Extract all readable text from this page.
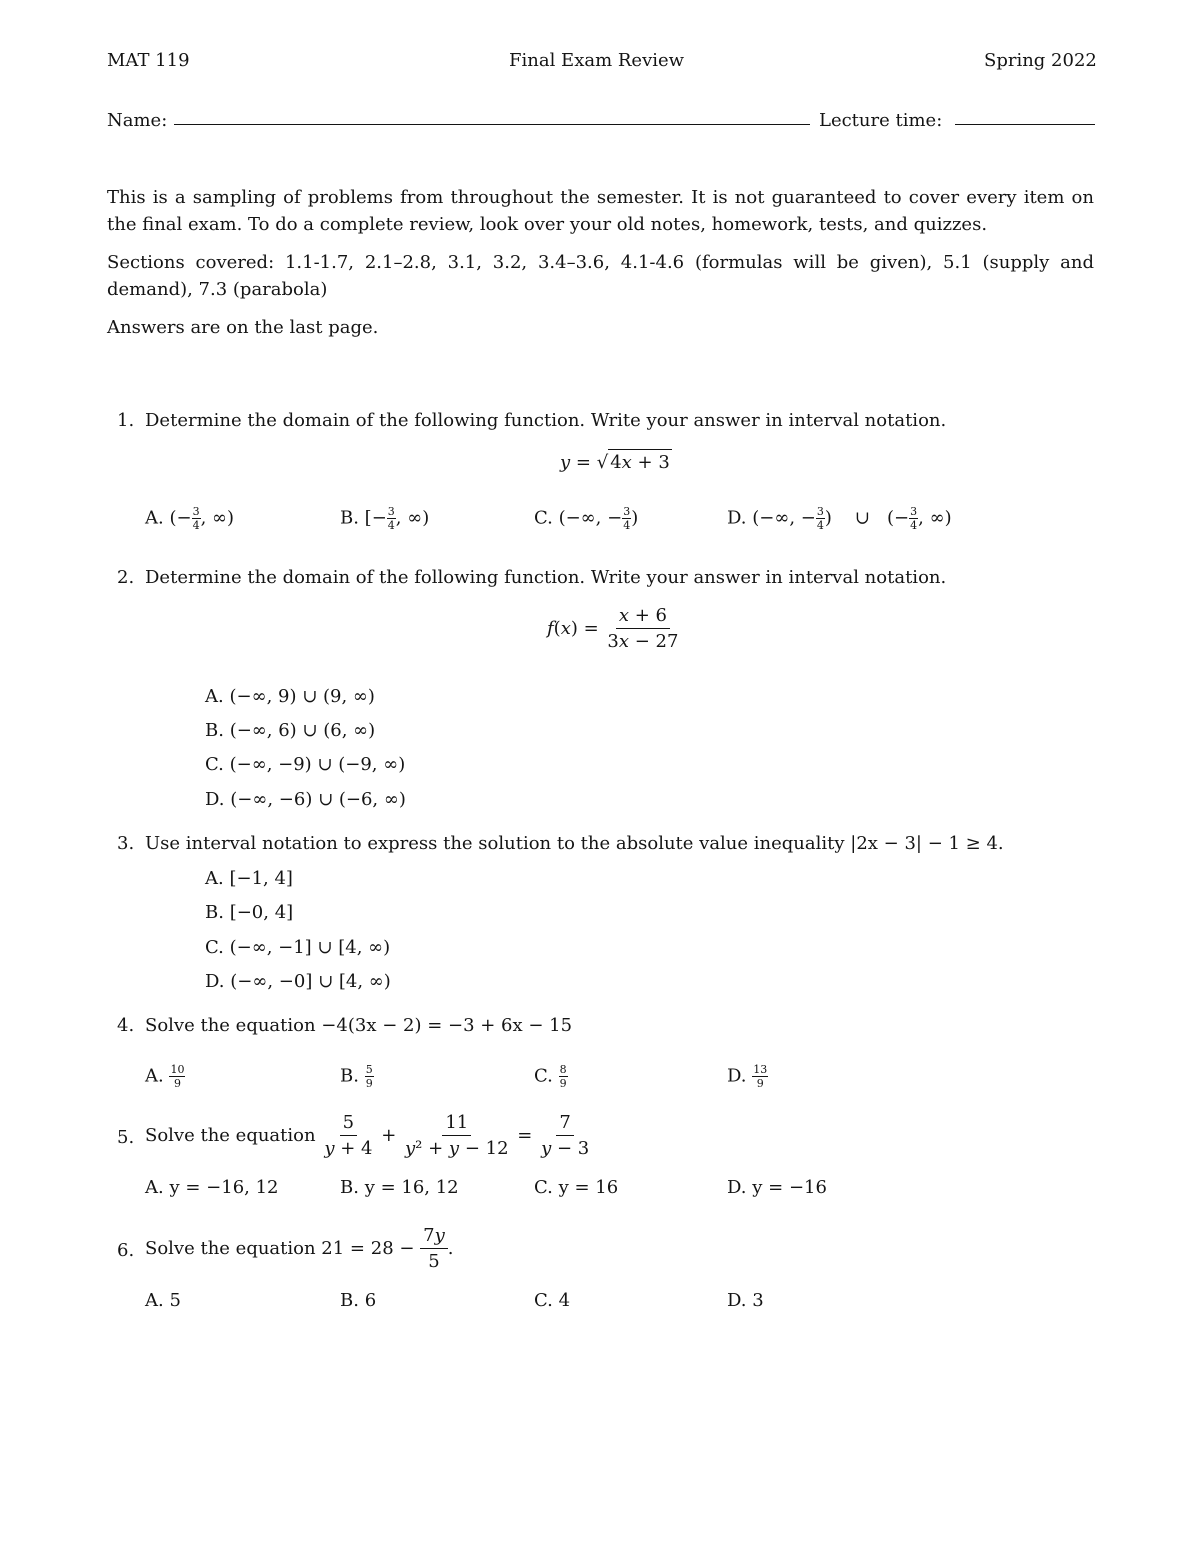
MAT 119	Final Exam Review	Spring 2022
Name:	Lecture time:
This is a sampling of problems from throughout the semester. It is not guaranteed to cover every item on the final exam. To do a complete review, look over your old notes, homework, tests, and quizzes.
Sections covered: 1.1-1.7, 2.1–2.8, 3.1, 3.2, 3.4–3.6, 4.1-4.6 (formulas will be given), 5.1 (supply and demand), 7.3 (parabola)
Answers are on the last page.
1. Determine the domain of the following function. Write your answer in interval notation.
y = √ 4x + 3
A. (− $\frac{3}{4}$ , ∞)	B. [− $\frac{3}{4}$ , ∞)	C. (−∞, − $\frac{3}{4}$ )	D. (−∞, − $\frac{3}{4}$ )    ∪   (− $\frac{3}{4}$ , ∞)
2. Determine the domain of the following function. Write your answer in interval notation.
$f(x) = \frac{x + 6}{3x - 27}$
A. (−∞, 9) ∪ (9, ∞)
B. (−∞, 6) ∪ (6, ∞)
C. (−∞, −9) ∪ (−9, ∞)
D. (−∞, −6) ∪ (−6, ∞)
3. Use interval notation to express the solution to the absolute value inequality |2x − 3| − 1 ≥ 4.
A. [−1, 4]
B. [−0, 4]
C. (−∞, −1] ∪ [4, ∞)
D. (−∞, −0] ∪ [4, ∞)
4. Solve the equation −4(3x − 2) = −3 + 6x − 15
A. $\frac{10}{9}$	B. $\frac{5}{9}$	C. $\frac{8}{9}$	D. $\frac{13}{9}$
5. Solve the equation $\frac{5}{y + 4} + \frac{11}{\text{y² + y − 12}} = \frac{7}{y - 3}$
A. y = −16, 12	B. y = 16, 12	C. y = 16	D. y = −16
6. Solve the equation $21 = 28 - \frac{7y}{5}$ .
A. 5	B. 6	C. 4	D. 3
